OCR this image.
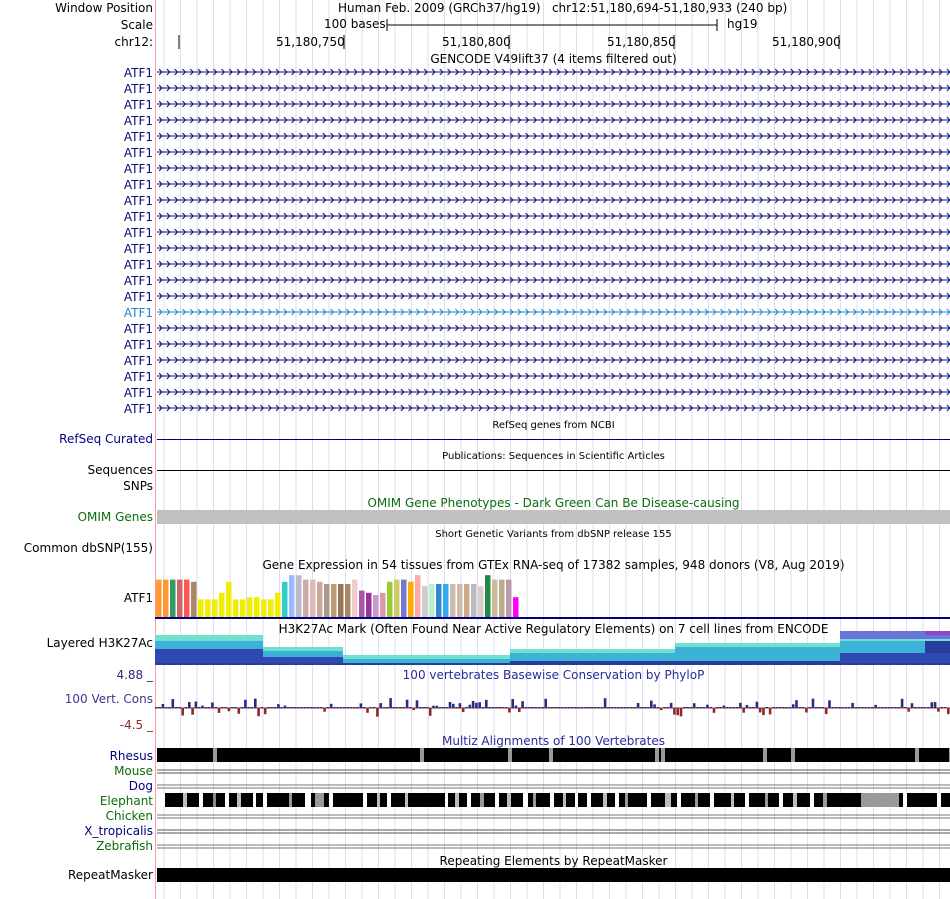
Window Position	Human Feb. 2009 (GRCh37/hg19)   chr12:51,180,694-51,180,933 (240 bp)
Scale	100 bases	hg19
chr12:	51,180,750	51,180,800	51,180,850	51,180,900
GENCODE V49lift37 (4 items filtered out)
ATF1
ATF1
ATF1
ATF1
ATF1
ATF1
ATF1
ATF1
ATF1
ATF1
ATF1
ATF1
ATF1
ATF1
ATF1
ATF1
ATF1
ATF1
ATF1
ATF1
ATF1
ATF1
RefSeq genes from NCBI
RefSeq Curated
Publications: Sequences in Scientific Articles
Sequences
SNPs
OMIM Gene Phenotypes - Dark Green Can Be Disease-causing
OMIM Genes
Short Genetic Variants from dbSNP release 155
Common dbSNP(155)
Gene Expression in 54 tissues from GTEx RNA-seq of 17382 samples, 948 donors (V8, Aug 2019)
ATF1
H3K27Ac Mark (Often Found Near Active Regulatory Elements) on 7 cell lines from ENCODE
Layered H3K27Ac
100 vertebrates Basewise Conservation by PhyloP
4.88 _
100 Vert. Cons
-4.5 _
Multiz Alignments of 100 Vertebrates
Rhesus
Mouse
Dog
Elephant
Chicken
X_tropicalis
Zebrafish
Repeating Elements by RepeatMasker
RepeatMasker
